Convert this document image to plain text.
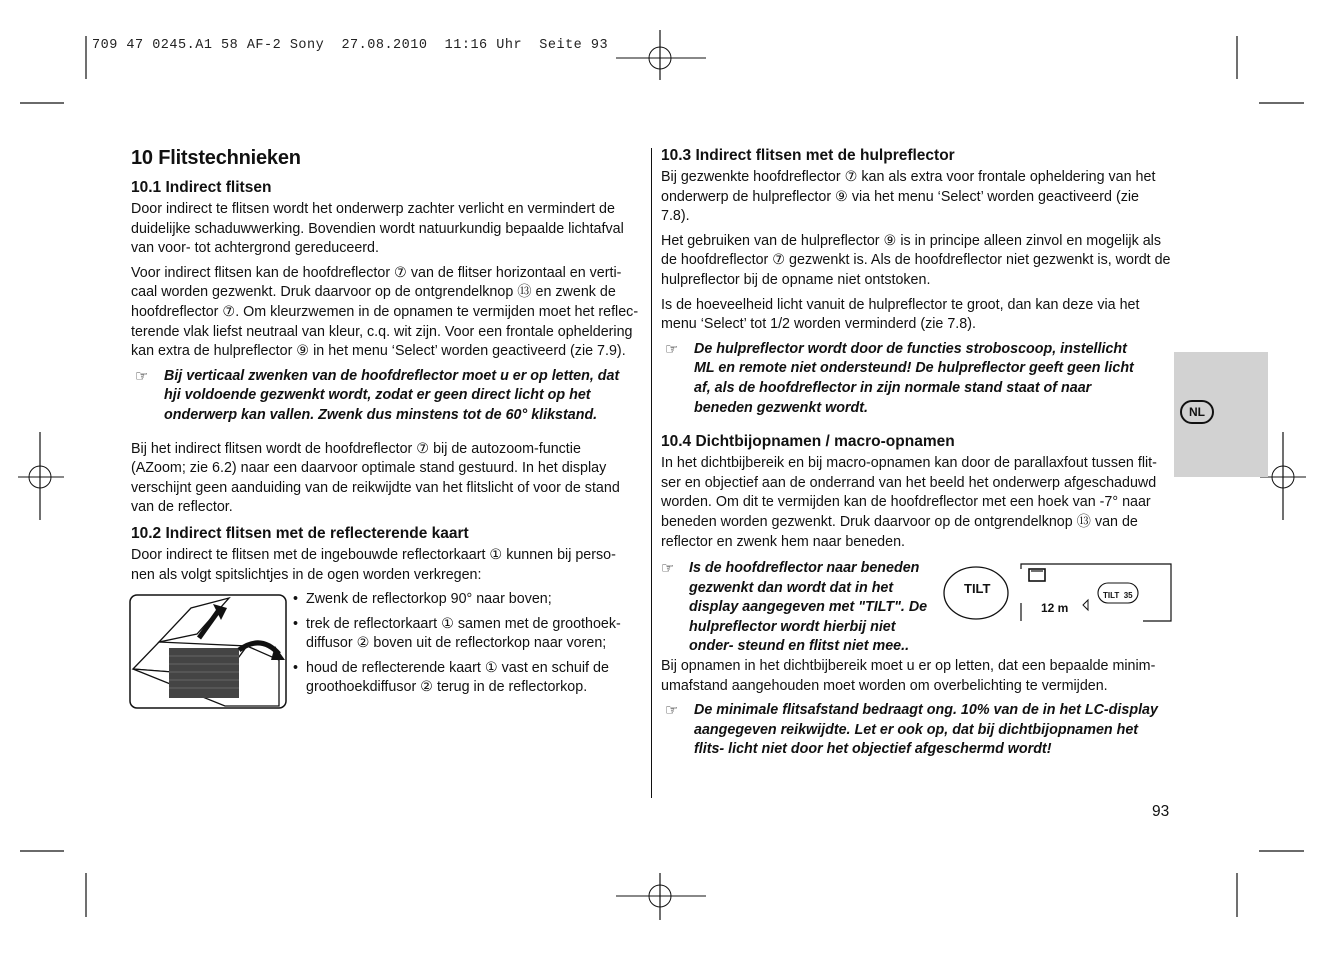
709 47 0245.A1 58 AF-2 Sony  27.08.2010  11:16 Uhr  Seite 93
10 Flitstechnieken
10.1 Indirect flitsen

Door indirect te flitsen wordt het onderwerp zachter verlicht en vermindert de duidelijke schaduwwerking. Bovendien wordt natuurkundig bepaalde lichtafval van voor- tot achtergrond gereduceerd.

Voor indirect flitsen kan de hoofdreflector ⑦ van de flitser horizontaal en verti- caal worden gezwenkt. Druk daarvoor op de ontgrendelknop ⑬ en zwenk de hoofdreflector ⑦. Om kleurzwemen in de opnamen te vermijden moet het reflec- terende vlak liefst neutraal van kleur, c.q. wit zijn. Voor een frontale opheldering kan extra de hulpreflector ⑨ in het menu ‘Select’ worden geactiveerd (zie 7.9).

☞ Bij verticaal zwenken van de hoofdreflector moet u er op letten, dat hji voldoende gezwenkt wordt, zodat er geen direct licht op het onderwerp kan vallen. Zwenk dus minstens tot de 60° klikstand.

Bij het indirect flitsen wordt de hoofdreflector ⑦ bij de autozoom-functie (AZoom; zie 6.2) naar een daarvoor optimale stand gestuurd. In het display verschijnt geen aanduiding van de reikwijdte van het flitslicht of voor de stand van de reflector.

10.2 Indirect flitsen met de reflecterende kaart

Door indirect te flitsen met de ingebouwde reflectorkaart ① kunnen bij perso- nen als volgt spitslichtjes in de ogen worden verkregen:

• Zwenk de reflectorkop 90° naar boven;
• trek de reflectorkaart ① samen met de groothoek- diffusor ② boven uit de reflectorkop naar voren;
• houd de reflecterende kaart ① vast en schuif de groothoekdiffusor ② terug in de reflectorkop.
10.3 Indirect flitsen met de hulpreflector

Bij gezwenkte hoofdreflector ⑦ kan als extra voor frontale opheldering van het onderwerp de hulpreflector ⑨ via het menu ‘Select’ worden geactiveerd (zie 7.8).

Het gebruiken van de hulpreflector ⑨ is in principe alleen zinvol en mogelijk als de hoofdreflector ⑦ gezwenkt is. Als de hoofdreflector niet gezwenkt is, wordt de hulpreflector bij de opname niet ontstoken.

Is de hoeveelheid licht vanuit de hulpreflector te groot, dan kan deze via het menu ‘Select’ tot 1/2 worden verminderd (zie 7.8).

☞ De hulpreflector wordt door de functies stroboscoop, instellicht ML en remote niet ondersteund! De hulpreflector geeft geen licht af, als de hoofdreflector in zijn normale stand staat of naar beneden gezwenkt wordt.
10.4 Dichtbijopnamen / macro-opnamen

In het dichtbijbereik en bij macro-opnamen kan door de parallaxfout tussen flit- ser en objectief aan de onderrand van het beeld het onderwerp afgeschaduwd worden. Om dit te vermijden kan de hoofdreflector met een hoek van -7° naar beneden worden gezwenkt. Druk daarvoor op de ontgrendelknop ⑬ van de reflector en zwenk hem naar beneden.

☞ Is de hoofdreflector naar beneden gezwenkt dan wordt dat in het display aangegeven met "TILT". De hulpreflector wordt hierbij niet onder- steund en flitst niet mee..
TILT	TILT  35
12 m

Bij opnamen in het dichtbijbereik moet u er op letten, dat een bepaalde minim- umafstand aangehouden moet worden om overbelichting te vermijden.

☞ De minimale flitsafstand bedraagt ong. 10% van de in het LC-display aangegeven reikwijdte. Let er ook op, dat bij dichtbijopnamen het flits- licht niet door het objectief afgeschermd wordt!
NL
93
